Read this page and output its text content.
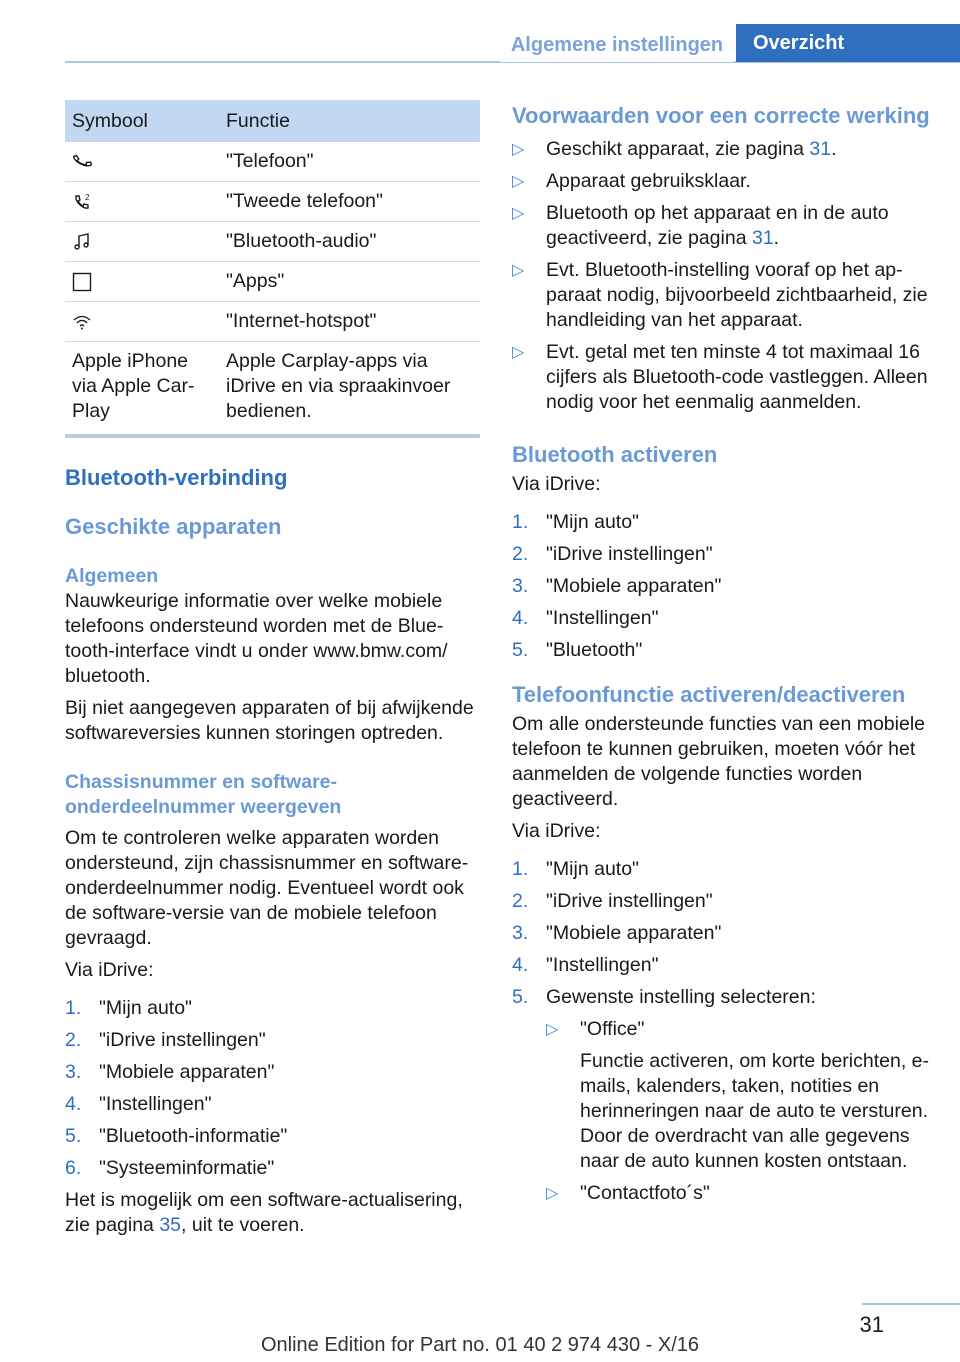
Algemene instellingen	Overzicht
Symbool	Functie
	"Telefoon"

2	"Tweede telefoon"
	"Bluetooth-audio"
	"Apps"
	"Internet-hotspot"
Apple iPhone via Apple CarPlay	Apple Carplay-apps via iDrive en via spraakinvoer bedienen.
Bluetooth-verbinding
Geschikte apparaten
Algemeen

Nauwkeurige informatie over welke mobiele telefoons ondersteund worden met de Bluetooth-interface vindt u onder www.bmw.com/​bluetooth.

Bij niet aangegeven apparaten of bij afwijkende softwareversies kunnen storingen optreden.

Chassisnummer en software-onderdeelnummer weergeven

Om te controleren welke apparaten worden ondersteund, zijn chassisnummer en software-onderdeelnummer nodig. Eventueel wordt ook de software-versie van de mobiele telefoon gevraagd.

Via iDrive:

1. "Mijn auto"
2. "iDrive instellingen"
3. "Mobiele apparaten"
4. "Instellingen"
5. "Bluetooth-informatie"
6. "Systeeminformatie"

Het is mogelijk om een software-actualisering, zie pagina 35, uit te voeren.

Voorwaarden voor een correcte werking
▷ Geschikt apparaat, zie pagina 31.
▷ Apparaat gebruiksklaar.
▷ Bluetooth op het apparaat en in de auto geactiveerd, zie pagina 31.
▷ Evt. Bluetooth-instelling vooraf op het apparaat nodig, bijvoorbeeld zichtbaarheid, zie handleiding van het apparaat.
▷ Evt. getal met ten minste 4 tot maximaal 16 cijfers als Bluetooth-code vastleggen. Alleen nodig voor het eenmalig aanmelden.
Bluetooth activeren

Via iDrive:

1. "Mijn auto"
2. "iDrive instellingen"
3. "Mobiele apparaten"
4. "Instellingen"
5. "Bluetooth"
Telefoonfunctie activeren/deactiveren

Om alle ondersteunde functies van een mobiele telefoon te kunnen gebruiken, moeten vóór het aanmelden de volgende functies worden geactiveerd.

Via iDrive:

1. "Mijn auto"
2. "iDrive instellingen"
3. "Mobiele apparaten"
4. "Instellingen"
5. Gewenste instelling selecteren:
▷ "Office"

Functie activeren, om korte berichten, e-mails, kalenders, taken, notities en herinneringen naar de auto te versturen. Door de overdracht van alle gegevens naar de auto kunnen kosten ontstaan.

▷ "Contactfoto´s"
31
Online Edition for Part no. 01 40 2 974 430 - X/16
